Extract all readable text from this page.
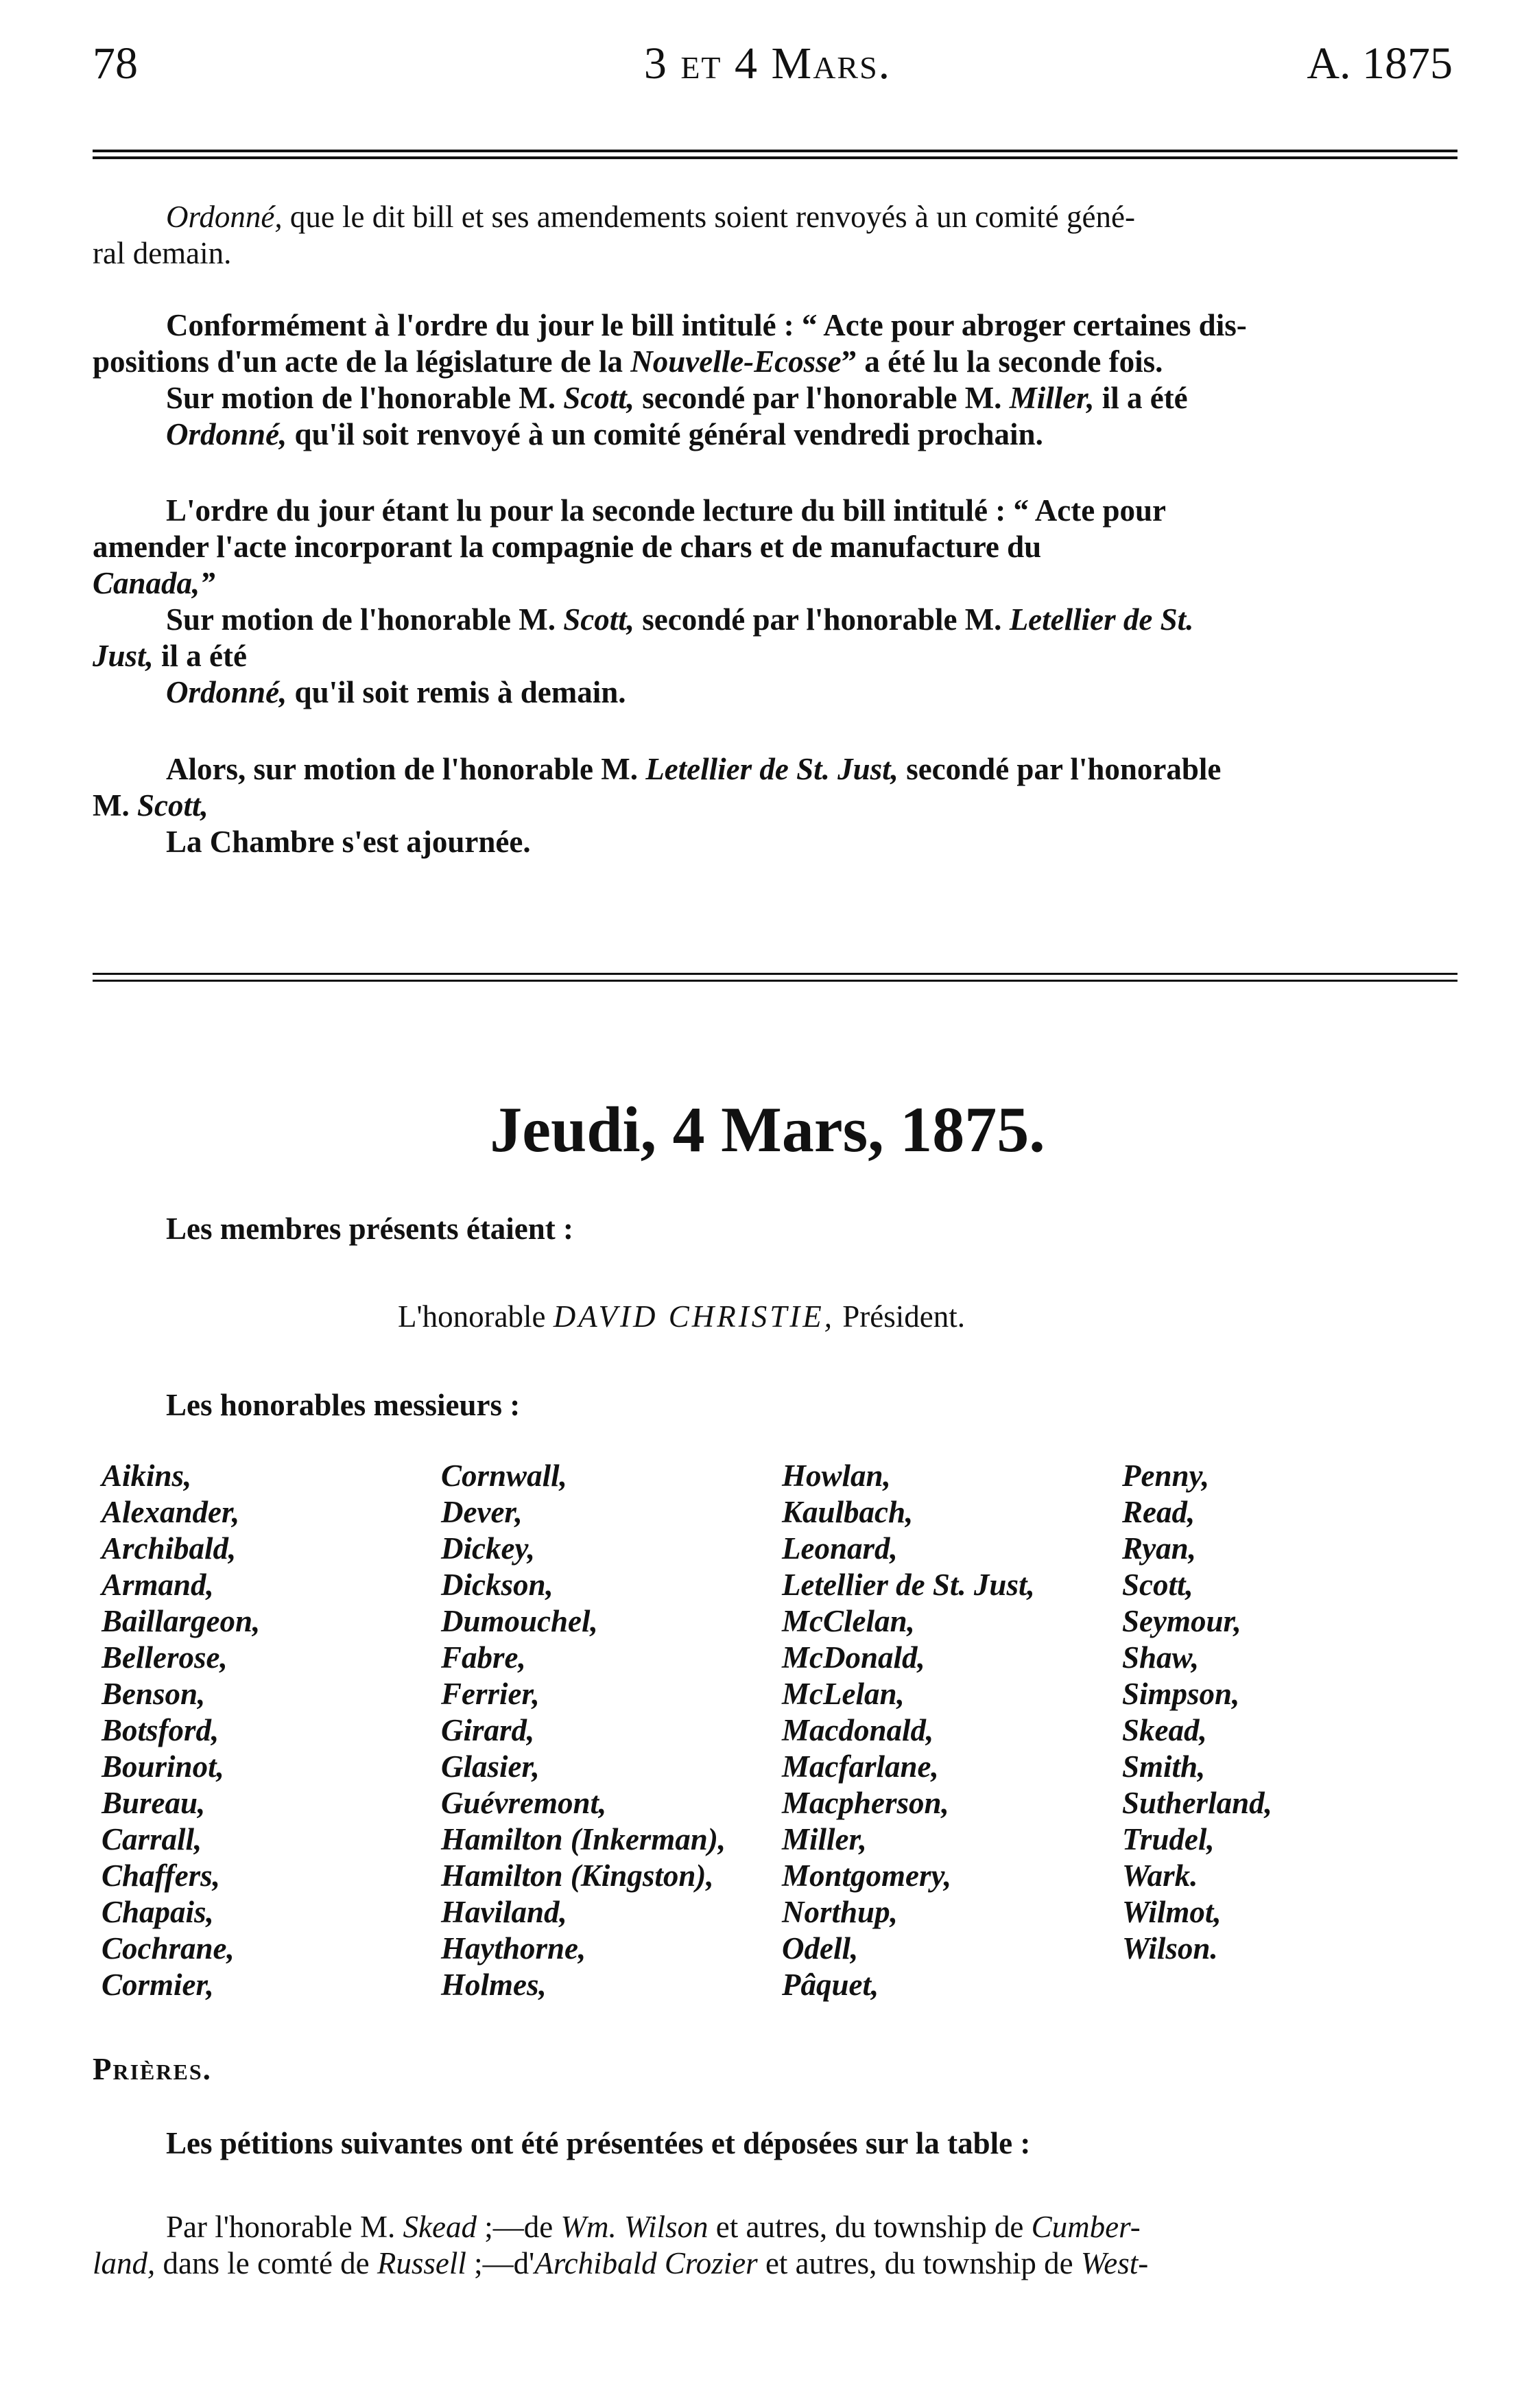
78	3 et 4 Mars.	A. 1875
Ordonné, que le dit bill et ses amendements soient renvoyés à un comité géné-
ral demain.
Conformément à l'ordre du jour le bill intitulé : “ Acte pour abroger certaines dis-
positions d'un acte de la législature de la Nouvelle-Ecosse” a été lu la seconde fois.
Sur motion de l'honorable M. Scott, secondé par l'honorable M. Miller, il a été
Ordonné, qu'il soit renvoyé à un comité général vendredi prochain.
L'ordre du jour étant lu pour la seconde lecture du bill intitulé : “ Acte pour
amender l'acte incorporant la compagnie de chars et de manufacture du
Canada,”
Sur motion de l'honorable M. Scott, secondé par l'honorable M. Letellier de St.
Just, il a été
Ordonné, qu'il soit remis à demain.
Alors, sur motion de l'honorable M. Letellier de St. Just, secondé par l'honorable
M. Scott,
La Chambre s'est ajournée.
Jeudi, 4 Mars, 1875.
Les membres présents étaient :
L'honorable DAVID CHRISTIE, Président.
Les honorables messieurs :
Aikins,
Alexander,
Archibald,
Armand,
Baillargeon,
Bellerose,
Benson,
Botsford,
Bourinot,
Bureau,
Carrall,
Chaffers,
Chapais,
Cochrane,
Cormier,
Cornwall,
Dever,
Dickey,
Dickson,
Dumouchel,
Fabre,
Ferrier,
Girard,
Glasier,
Guévremont,
Hamilton (Inkerman),
Hamilton (Kingston),
Haviland,
Haythorne,
Holmes,
Howlan,
Kaulbach,
Leonard,
Letellier de St. Just,
McClelan,
McDonald,
McLelan,
Macdonald,
Macfarlane,
Macpherson,
Miller,
Montgomery,
Northup,
Odell,
Pâquet,
Penny,
Read,
Ryan,
Scott,
Seymour,
Shaw,
Simpson,
Skead,
Smith,
Sutherland,
Trudel,
Wark.
Wilmot,
Wilson.
Prières.
Les pétitions suivantes ont été présentées et déposées sur la table :
Par l'honorable M. Skead ;—de Wm. Wilson et autres, du township de Cumber-
land, dans le comté de Russell ;—d'Archibald Crozier et autres, du township de West-
